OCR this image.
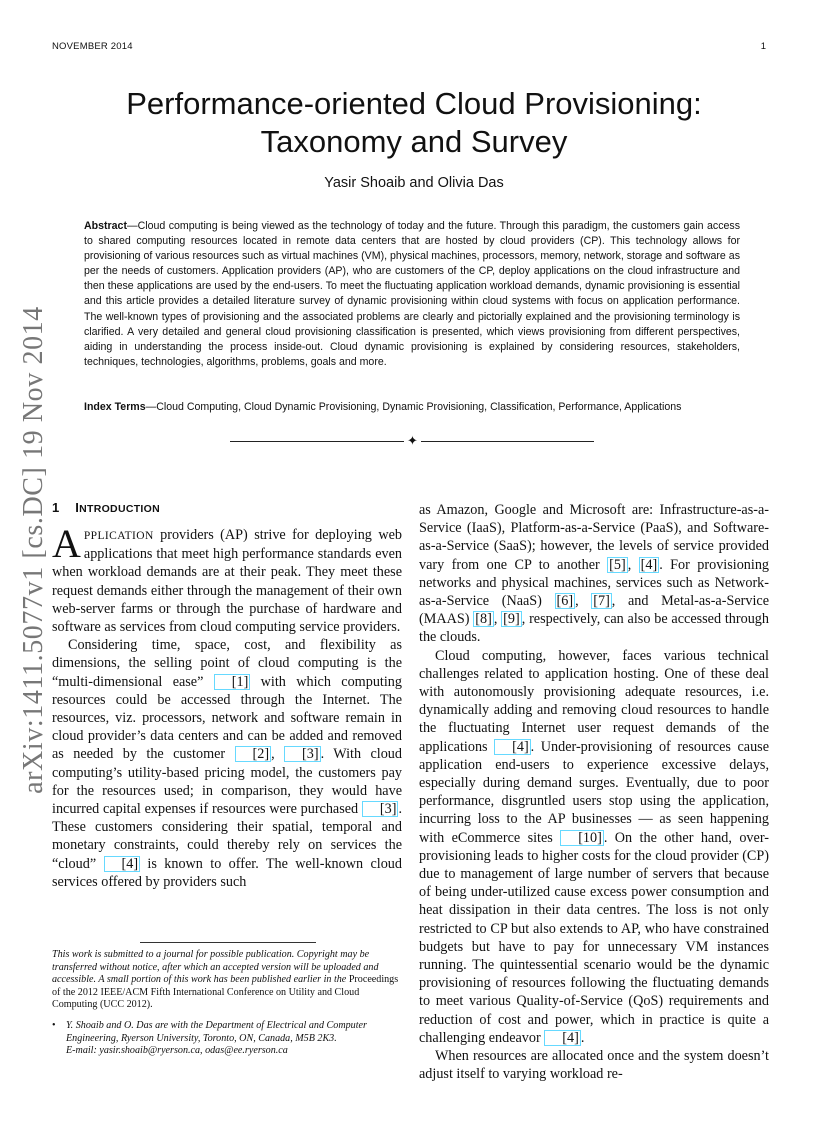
NOVEMBER 2014	1
arXiv:1411.5077v1 [cs.DC] 19 Nov 2014
Performance-oriented Cloud Provisioning:
Taxonomy and Survey
Yasir Shoaib and Olivia Das

Abstract—Cloud computing is being viewed as the technology of today and the future. Through this paradigm, the customers gain access to shared computing resources located in remote data centers that are hosted by cloud providers (CP). This technology allows for provisioning of various resources such as virtual machines (VM), physical machines, processors, memory, network, storage and software as per the needs of customers. Application providers (AP), who are customers of the CP, deploy applications on the cloud infrastructure and then these applications are used by the end-users. To meet the fluctuating application workload demands, dynamic provisioning is essential and this article provides a detailed literature survey of dynamic provisioning within cloud systems with focus on application performance. The well-known types of provisioning and the associated problems are clearly and pictorially explained and the provisioning terminology is clarified. A very detailed and general cloud provisioning classification is presented, which views provisioning from different perspectives, aiding in understanding the process inside-out. Cloud dynamic provisioning is explained by considering resources, stakeholders, techniques, technologies, algorithms, problems, goals and more.

Index Terms—Cloud Computing, Cloud Dynamic Provisioning, Dynamic Provisioning, Classification, Performance, Applications

✦
1 INTRODUCTION

APPLICATION providers (AP) strive for deploying web applications that meet high performance standards even when workload demands are at their peak. They meet these request demands either through the management of their own web-server farms or through the purchase of hardware and software as services from cloud computing service providers.

Considering time, space, cost, and flexibility as dimensions, the selling point of cloud computing is the “multi-dimensional ease” [1] with which computing resources could be accessed through the Internet. The resources, viz. processors, network and software remain in cloud provider’s data centers and can be added and removed as needed by the customer [2] , [3] . With cloud computing’s utility-based pricing model, the customers pay for the resources used; in comparison, they would have incurred capital expenses if resources were purchased [3] . These customers considering their spatial, temporal and monetary constraints, could thereby rely on services the “cloud” [4] is known to offer. The well-known cloud services offered by providers such

This work is submitted to a journal for possible publication. Copyright may be transferred without notice, after which an accepted version will be uploaded and accessible. A small portion of this work has been published earlier in the Proceedings of the 2012 IEEE/ACM Fifth International Conference on Utility and Cloud Computing (UCC 2012).

•	Y. Shoaib and O. Das are with the Department of Electrical and Computer Engineering, Ryerson University, Toronto, ON, Canada, M5B 2K3.
E-mail: yasir.shoaib@ryerson.ca, odas@ee.ryerson.ca

as Amazon, Google and Microsoft are: Infrastructure-as-a-Service (IaaS), Platform-as-a-Service (PaaS), and Software-as-a-Service (SaaS); however, the levels of service provided vary from one CP to another [5] , [4] . For provisioning networks and physical machines, services such as Network-as-a-Service (NaaS) [6] , [7] , and Metal-as-a-Service (MAAS) [8] , [9] , respectively, can also be accessed through the clouds.

Cloud computing, however, faces various technical challenges related to application hosting. One of these deal with autonomously provisioning adequate resources, i.e. dynamically adding and removing cloud resources to handle the fluctuating Internet user request demands of the applications [4] . Under-provisioning of resources cause application end-users to experience excessive delays, especially during demand surges. Eventually, due to poor performance, disgruntled users stop using the application, incurring loss to the AP businesses — as seen happening with eCommerce sites [10] . On the other hand, over-provisioning leads to higher costs for the cloud provider (CP) due to management of large number of servers that because of being under-utilized cause excess power consumption and heat dissipation in their data centres. The loss is not only restricted to CP but also extends to AP, who have constrained budgets but have to pay for unnecessary VM instances running. The quintessential scenario would be the dynamic provisioning of resources following the fluctuating demands to meet various Quality-of-Service (QoS) requirements and reduction of cost and power, which in practice is quite a challenging endeavor [4] .

When resources are allocated once and the system doesn’t adjust itself to varying workload re-
